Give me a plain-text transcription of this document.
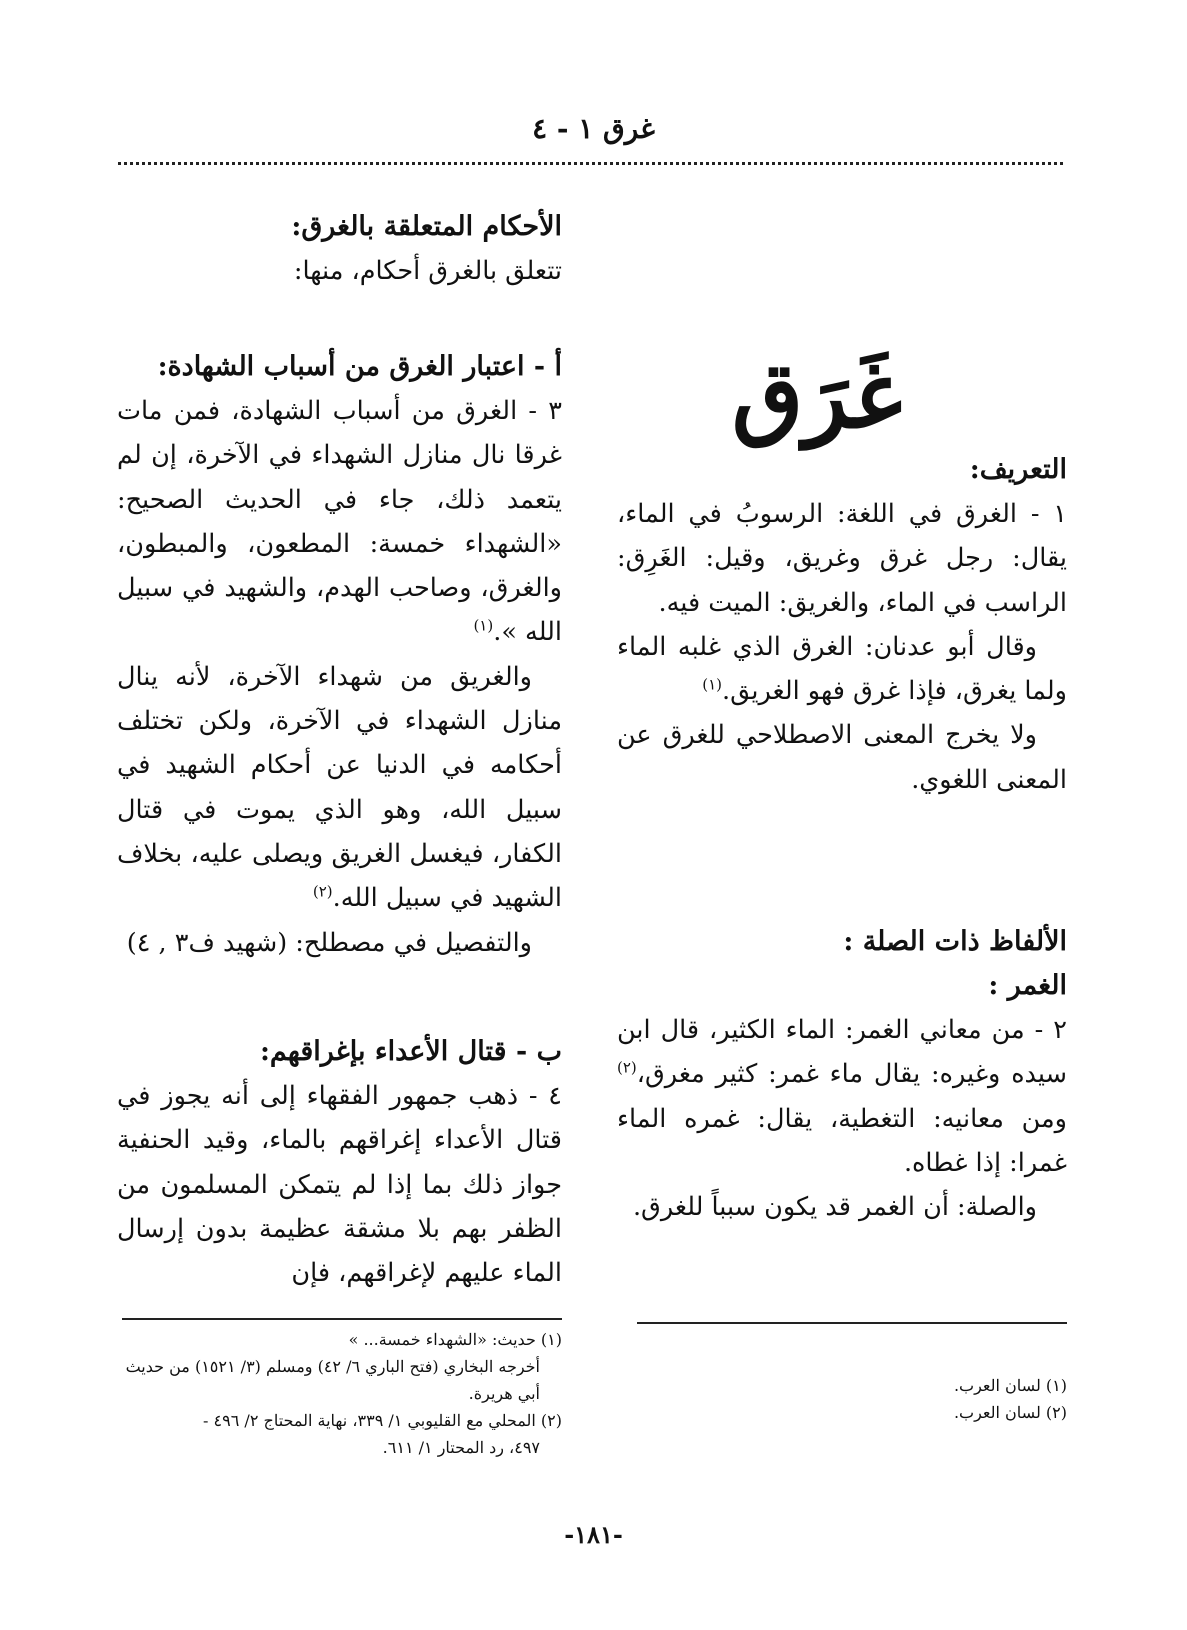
غرق ١ - ٤
غَرَق
التعريف:
١ - الغرق في اللغة: الرسوبُ في الماء، يقال: رجل غرق وغريق، وقيل: الغَرِق: الراسب في الماء، والغريق: الميت فيه.
وقال أبو عدنان: الغرق الذي غلبه الماء ولما يغرق، فإذا غرق فهو الغريق.$^{(١)}$
ولا يخرج المعنى الاصطلاحي للغرق عن المعنى اللغوي.
الألفاظ ذات الصلة :
الغمر :
٢ - من معاني الغمر: الماء الكثير، قال ابن سيده وغيره: يقال ماء غمر: كثير مغرق،$^{(٢)}$ ومن معانيه: التغطية، يقال: غمره الماء غمرا: إذا غطاه.
والصلة: أن الغمر قد يكون سبباً للغرق.
(١) لسان العرب.
(٢) لسان العرب.
الأحكام المتعلقة بالغرق:
تتعلق بالغرق أحكام، منها:
أ - اعتبار الغرق من أسباب الشهادة:
٣ - الغرق من أسباب الشهادة، فمن مات غرقا نال منازل الشهداء في الآخرة، إن لم يتعمد ذلك، جاء في الحديث الصحيح: «الشهداء خمسة: المطعون، والمبطون، والغرق، وصاحب الهدم، والشهيد في سبيل الله ».$^{(١)}$
والغريق من شهداء الآخرة، لأنه ينال منازل الشهداء في الآخرة، ولكن تختلف أحكامه في الدنيا عن أحكام الشهيد في سبيل الله، وهو الذي يموت في قتال الكفار، فيغسل الغريق ويصلى عليه، بخلاف الشهيد في سبيل الله.$^{(٢)}$
والتفصيل في مصطلح: (شهيد ف٣ , ٤)
ب - قتال الأعداء بإغراقهم:
٤ - ذهب جمهور الفقهاء إلى أنه يجوز في قتال الأعداء إغراقهم بالماء، وقيد الحنفية جواز ذلك بما إذا لم يتمكن المسلمون من الظفر بهم بلا مشقة عظيمة بدون إرسال الماء عليهم لإغراقهم، فإن
(١) حديث: «الشهداء خمسة... »
أخرجه البخاري (فتح الباري ٦/ ٤٢) ومسلم (٣/ ١٥٢١) من حديث أبي هريرة.
(٢) المحلي مع القليوبي ١/ ٣٣٩، نهاية المحتاج ٢/ ٤٩٦ -
٤٩٧، رد المحتار ١/ ٦١١.
-١٨١-
